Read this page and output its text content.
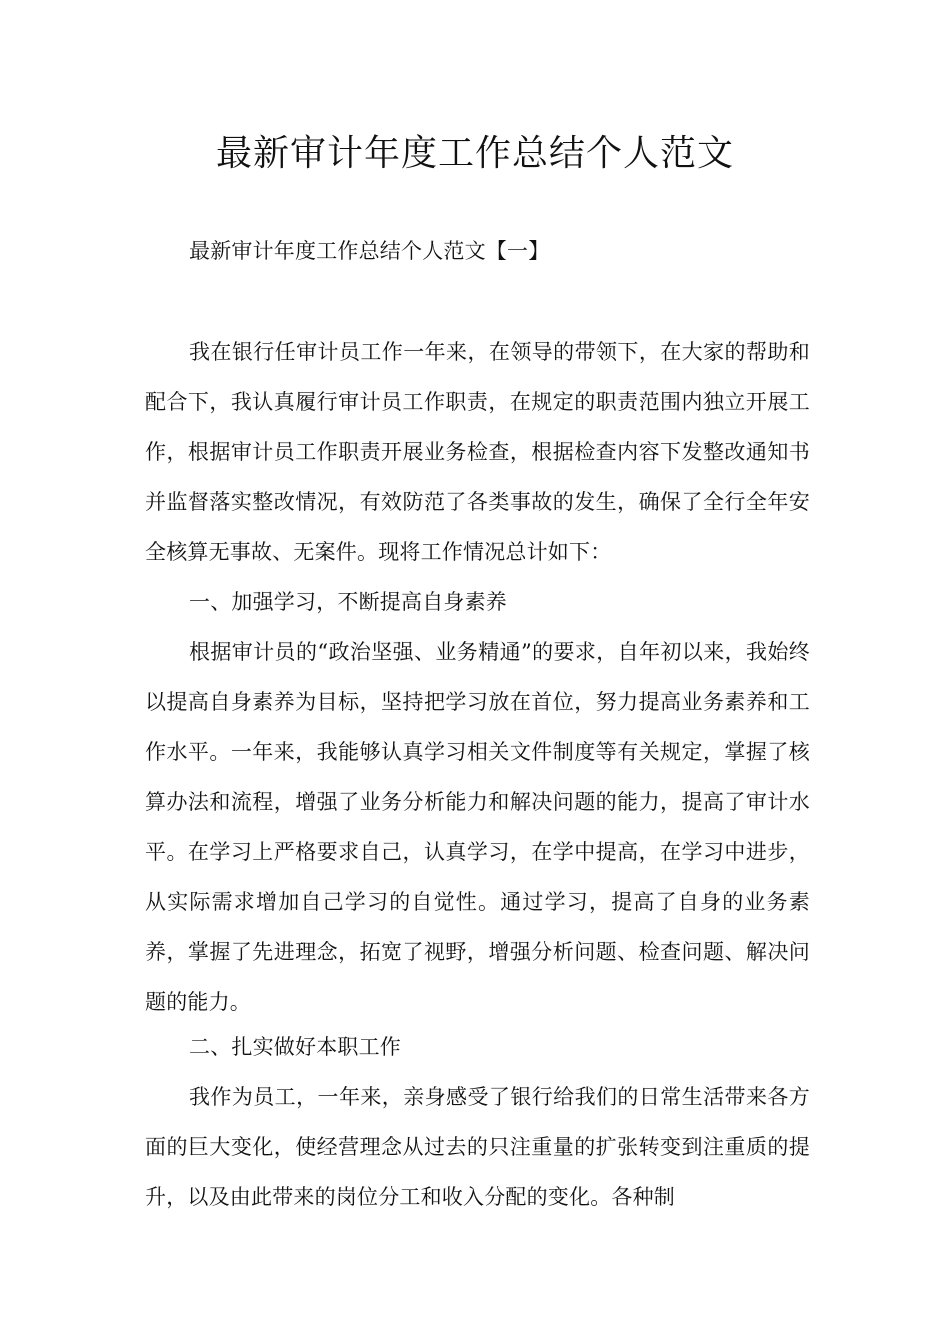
最新审计年度工作总结个人范文
最新审计年度工作总结个人范文【一】
我在银行任审计员工作一年来，在领导的带领下，在大家的帮助和配合下，我认真履行审计员工作职责，在规定的职责范围内独立开展工作，根据审计员工作职责开展业务检查，根据检查内容下发整改通知书并监督落实整改情况，有效防范了各类事故的发生，确保了全行全年安全核算无事故、无案件。现将工作情况总计如下：
一、加强学习，不断提高自身素养
根据审计员的“政治坚强、业务精通”的要求，自年初以来，我始终以提高自身素养为目标，坚持把学习放在首位，努力提高业务素养和工作水平。一年来，我能够认真学习相关文件制度等有关规定，掌握了核算办法和流程，增强了业务分析能力和解决问题的能力，提高了审计水平。在学习上严格要求自己，认真学习，在学中提高，在学习中进步，从实际需求增加自己学习的自觉性。通过学习，提高了自身的业务素养，掌握了先进理念，拓宽了视野，增强分析问题、检查问题、解决问题的能力。
二、扎实做好本职工作
我作为员工，一年来，亲身感受了银行给我们的日常生活带来各方面的巨大变化，使经营理念从过去的只注重量的扩张转变到注重质的提升，以及由此带来的岗位分工和收入分配的变化。各种制
